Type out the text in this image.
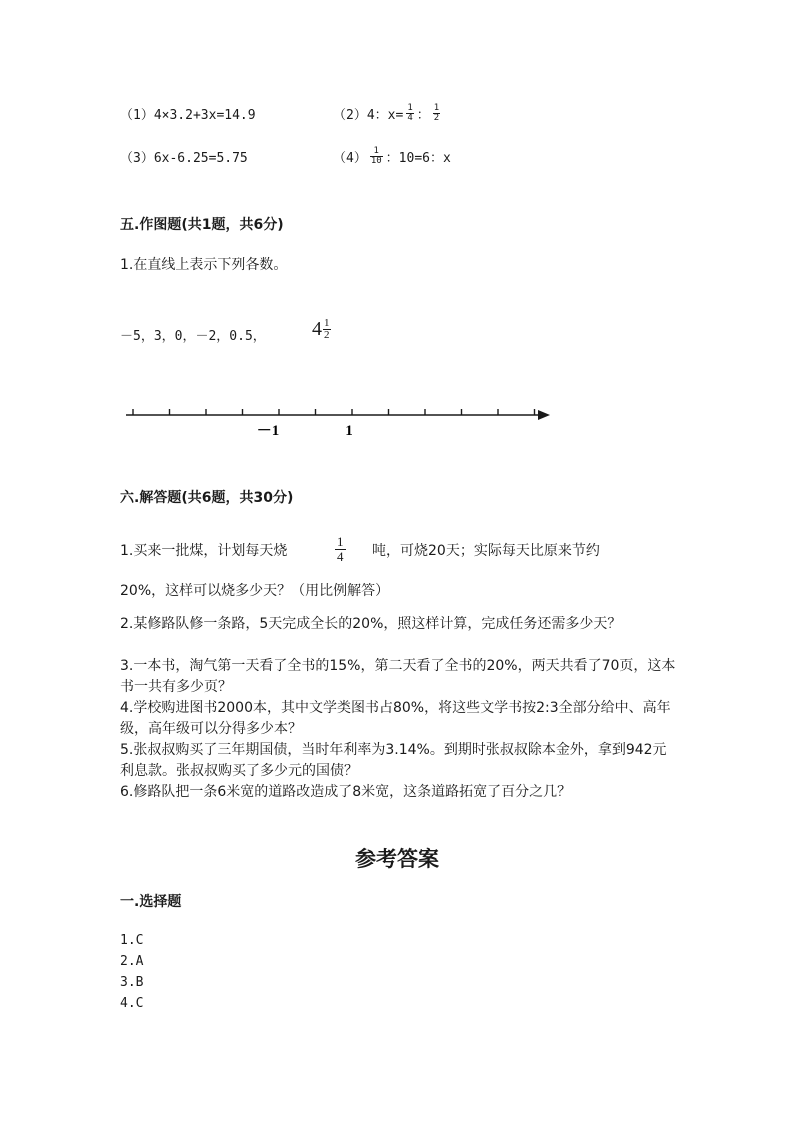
（1）4×3.2+3x=14.9	（2）4：$x= \frac{1}{4}$ ： $\frac{1}{2}$
（3）6x-6.25=5.75	$(4) \frac{1}{10}$ ：10=6：x
五.作图题(共1题，共6分)
1.在直线上表示下列各数。
－5，3，0，－2，0.5， $4 \frac{1}{2}$
－1	1
六.解答题(共6题，共30分)
1.买来一批煤，计划每天烧	$\frac{1}{4}$ 吨，可烧20天；实际每天比原来节约
20%，这样可以烧多少天？（用比例解答）
2.某修路队修一条路，5天完成全长的20%，照这样计算，完成任务还需多少天？
3.一本书，淘气第一天看了全书的15%，第二天看了全书的20%，两天共看了70页，这本书一共有多少页？
4.学校购进图书2000本，其中文学类图书占80%，将这些文学书按2:3全部分给中、高年级，高年级可以分得多少本？
5.张叔叔购买了三年期国债，当时年利率为3.14%。到期时张叔叔除本金外，拿到942元利息款。张叔叔购买了多少元的国债？
6.修路队把一条6米宽的道路改造成了8米宽，这条道路拓宽了百分之几？
参考答案
一.选择题
1.C
2.A
3.B
4.C
